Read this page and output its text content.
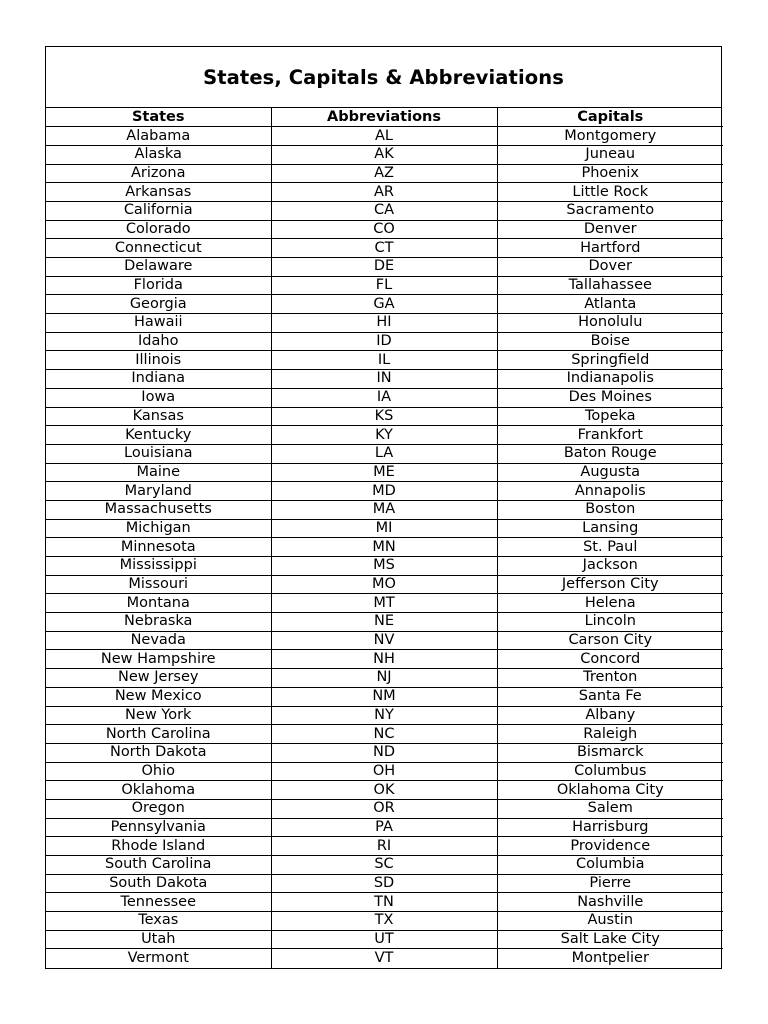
States, Capitals & Abbreviations
States	Abbreviations	Capitals
Alabama	AL	Montgomery
Alaska	AK	Juneau
Arizona	AZ	Phoenix
Arkansas	AR	Little Rock
California	CA	Sacramento
Colorado	CO	Denver
Connecticut	CT	Hartford
Delaware	DE	Dover
Florida	FL	Tallahassee
Georgia	GA	Atlanta
Hawaii	HI	Honolulu
Idaho	ID	Boise
Illinois	IL	Springfield
Indiana	IN	Indianapolis
Iowa	IA	Des Moines
Kansas	KS	Topeka
Kentucky	KY	Frankfort
Louisiana	LA	Baton Rouge
Maine	ME	Augusta
Maryland	MD	Annapolis
Massachusetts	MA	Boston
Michigan	MI	Lansing
Minnesota	MN	St. Paul
Mississippi	MS	Jackson
Missouri	MO	Jefferson City
Montana	MT	Helena
Nebraska	NE	Lincoln
Nevada	NV	Carson City
New Hampshire	NH	Concord
New Jersey	NJ	Trenton
New Mexico	NM	Santa Fe
New York	NY	Albany
North Carolina	NC	Raleigh
North Dakota	ND	Bismarck
Ohio	OH	Columbus
Oklahoma	OK	Oklahoma City
Oregon	OR	Salem
Pennsylvania	PA	Harrisburg
Rhode Island	RI	Providence
South Carolina	SC	Columbia
South Dakota	SD	Pierre
Tennessee	TN	Nashville
Texas	TX	Austin
Utah	UT	Salt Lake City
Vermont	VT	Montpelier
